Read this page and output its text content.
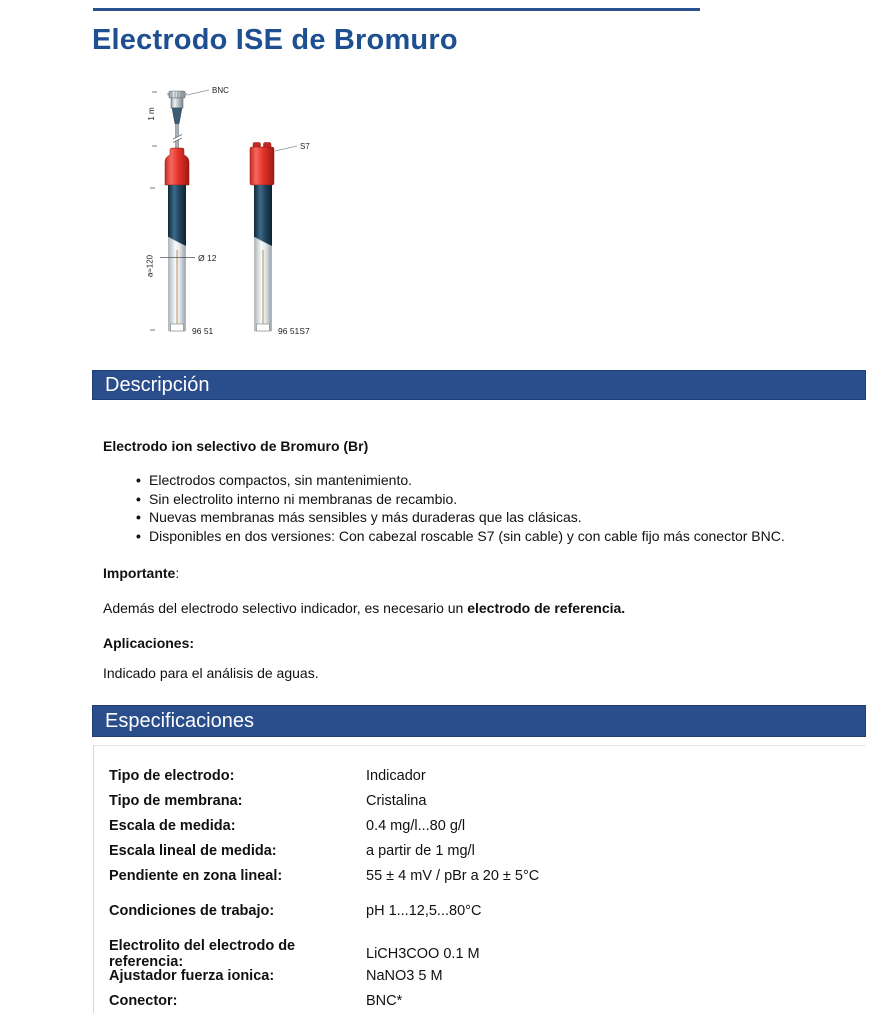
Electrodo ISE de Bromuro
BNC
S7
1 m
a≈120	Ø 12
96 51	96 51S7
Descripción
Electrodo ion selectivo de Bromuro (Br)
• Electrodos compactos, sin mantenimiento.
• Sin electrolito interno ni membranas de recambio.
• Nuevas membranas más sensibles y más duraderas que las clásicas.
• Disponibles en dos versiones: Con cabezal roscable S7 (sin cable) y con cable fijo más conector BNC.
Importante:
Además del electrodo selectivo indicador, es necesario un electrodo de referencia.
Aplicaciones:
Indicado para el análisis de aguas.
Especificaciones
Tipo de electrodo:	Indicador
Tipo de membrana:	Cristalina
Escala de medida:	0.4 mg/l...80 g/l
Escala lineal de medida:	a partir de 1 mg/l
Pendiente en zona lineal:	55 ± 4 mV / pBr a 20 ± 5°C
Condiciones de trabajo:	pH 1...12,5...80°C
Electrolito del electrodo de referencia:	LiCH3COO 0.1 M
Ajustador fuerza ionica:	NaNO3 5 M
Conector:	BNC*
